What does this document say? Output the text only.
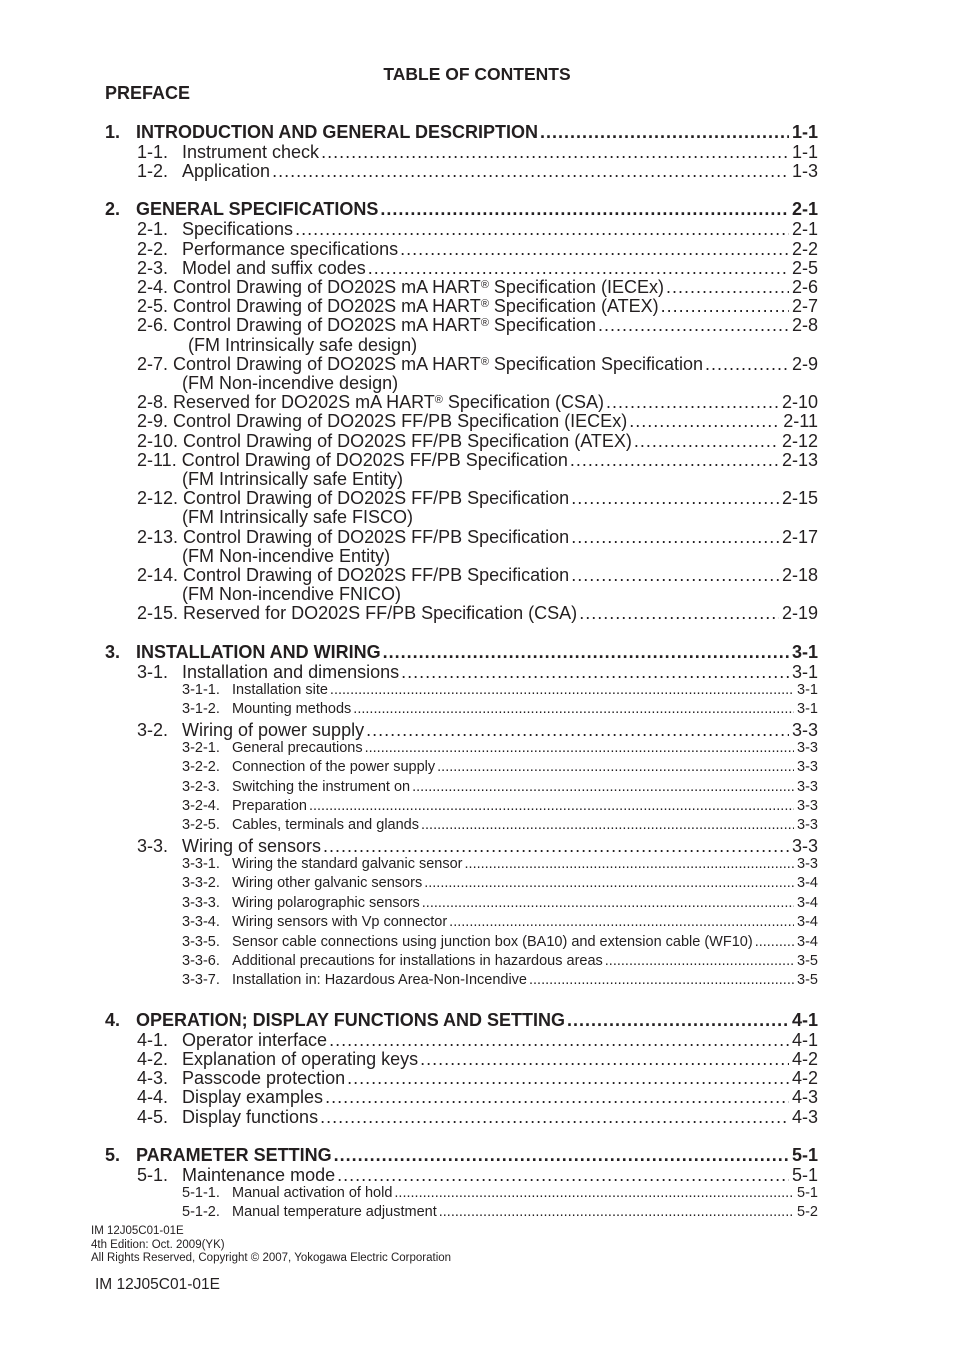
TABLE OF CONTENTS
PREFACE
1. INTRODUCTION AND GENERAL DESCRIPTION .....	1-1
1-1. Instrument check .....	1-1
1-2. Application .....	1-3
2. GENERAL SPECIFICATIONS .....	2-1
2-1. Specifications .....	2-1
2-2. Performance specifications .....	2-2
2-3. Model and suffix codes .....	2-5
2-4. Control Drawing of DO202S mA HART® Specification (IECEx) .....	2-6
2-5. Control Drawing of DO202S mA HART® Specification (ATEX) .....	2-7
2-6. Control Drawing of DO202S mA HART® Specification .....	2-8
(FM Intrinsically safe design)
2-7. Control Drawing of DO202S mA HART® Specification Specification .....	2-9
(FM Non-incendive design)
2-8. Reserved for DO202S mA HART® Specification (CSA) .....	2-10
2-9. Control Drawing of DO202S FF/PB Specification (IECEx) .....	2-11
2-10. Control Drawing of DO202S FF/PB Specification (ATEX) .....	2-12
2-11. Control Drawing of DO202S FF/PB Specification .....	2-13
(FM Intrinsically safe Entity)
2-12. Control Drawing of DO202S FF/PB Specification .....	2-15
(FM Intrinsically safe FISCO)
2-13. Control Drawing of DO202S FF/PB Specification .....	2-17
(FM Non-incendive Entity)
2-14. Control Drawing of DO202S FF/PB Specification .....	2-18
(FM Non-incendive FNICO)
2-15. Reserved for DO202S FF/PB Specification (CSA) .....	2-19
3. INSTALLATION AND WIRING .....	3-1
3-1. Installation and dimensions .....	3-1
3-1-1. Installation site .....	3-1
3-1-2. Mounting methods .....	3-1
3-2. Wiring of power supply .....	3-3
3-2-1. General precautions .....	3-3
3-2-2. Connection of the power supply .....	3-3
3-2-3. Switching the instrument on .....	3-3
3-2-4. Preparation .....	3-3
3-2-5. Cables, terminals and glands .....	3-3
3-3. Wiring of sensors .....	3-3
3-3-1. Wiring the standard galvanic sensor .....	3-3
3-3-2. Wiring other galvanic sensors .....	3-4
3-3-3. Wiring polarographic sensors .....	3-4
3-3-4. Wiring sensors with Vp connector .....	3-4
3-3-5. Sensor cable connections using junction box (BA10) and extension cable (WF10) .....	3-4
3-3-6. Additional precautions for installations in hazardous areas .....	3-5
3-3-7. Installation in: Hazardous Area-Non-Incendive .....	3-5
4. OPERATION; DISPLAY FUNCTIONS AND SETTING .....	4-1
4-1. Operator interface .....	4-1
4-2. Explanation of operating keys .....	4-2
4-3. Passcode protection .....	4-2
4-4. Display examples .....	4-3
4-5. Display functions .....	4-3
5. PARAMETER SETTING .....	5-1
5-1. Maintenance mode .....	5-1
5-1-1. Manual activation of hold .....	5-1
5-1-2. Manual temperature adjustment .....	5-2
IM 12J05C01-01E
4th Edition: Oct. 2009(YK)
All Rights Reserved, Copyright © 2007, Yokogawa Electric Corporation
IM 12J05C01-01E
